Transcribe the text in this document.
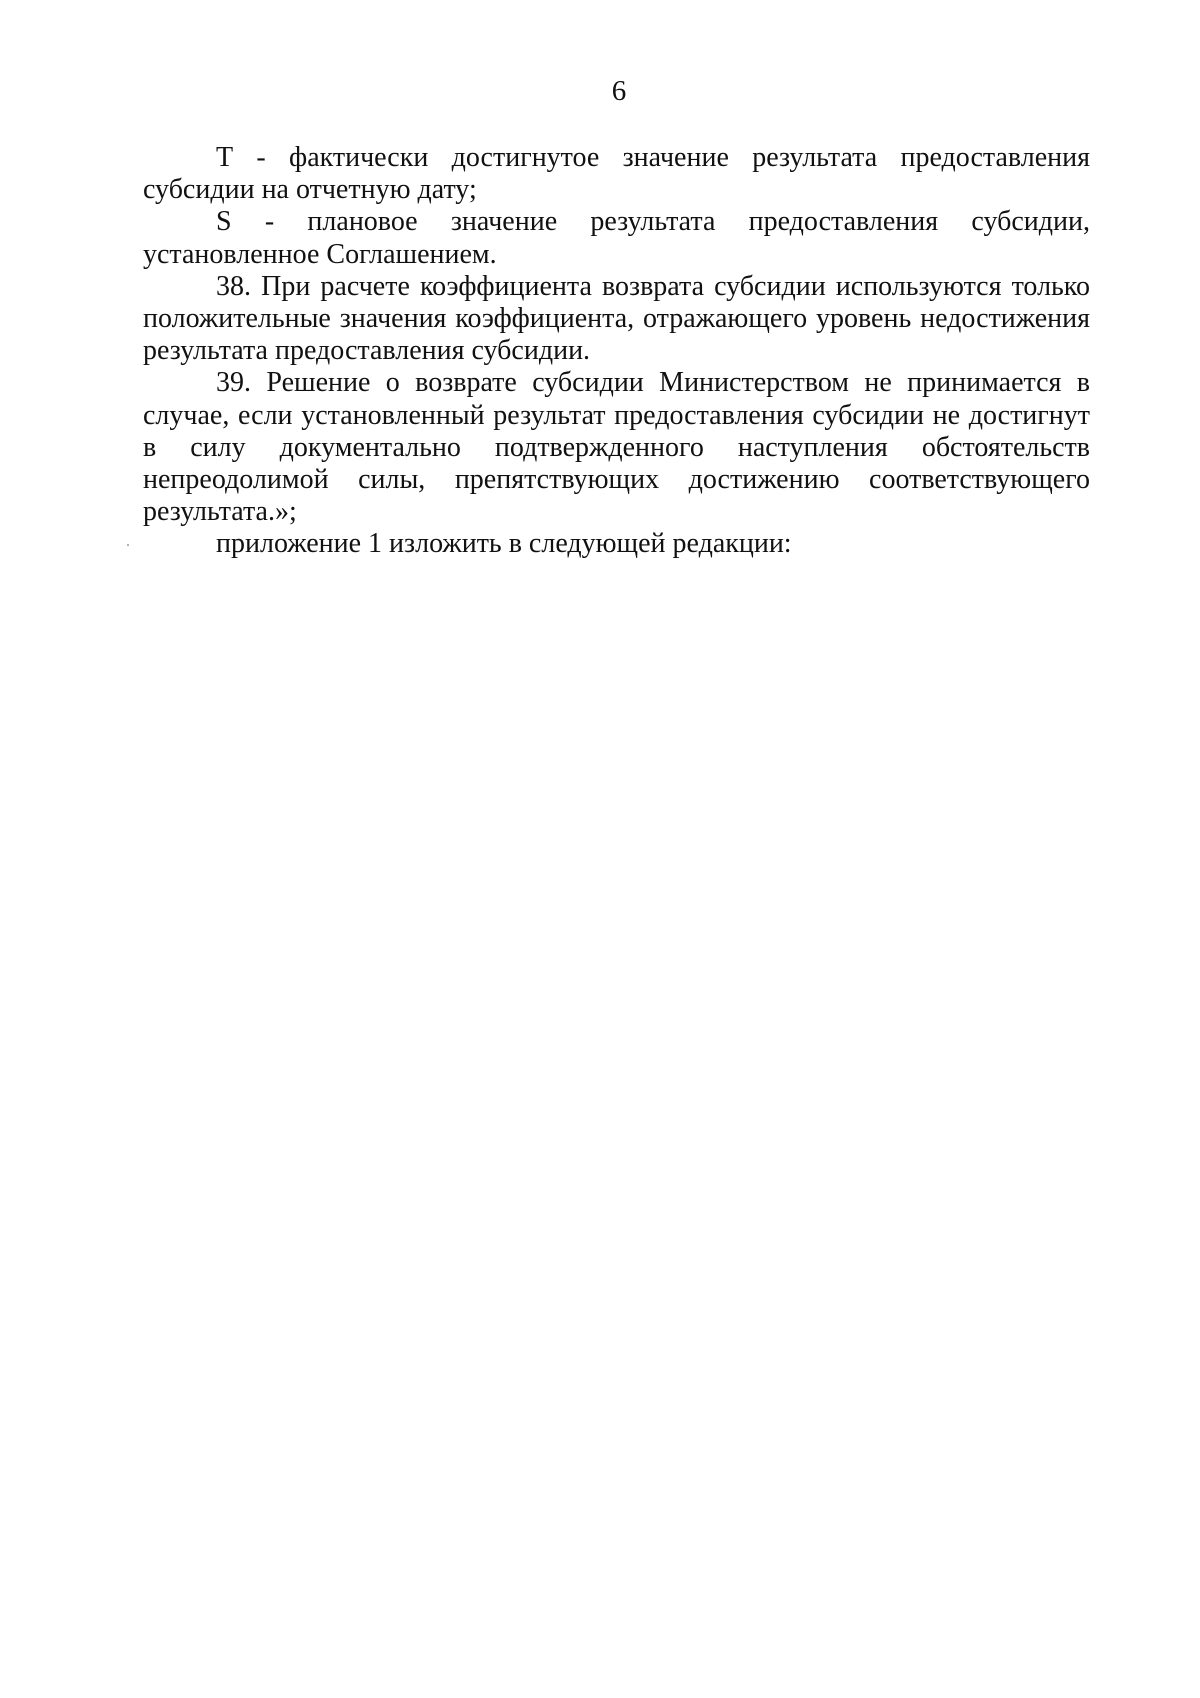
6

Т - фактически достигнутое значение результата предоставления субсидии на отчетную дату;

S - плановое значение результата предоставления субсидии, установленное Соглашением.

38. При расчете коэффициента возврата субсидии используются только положительные значения коэффициента, отражающего уровень недостижения результата предоставления субсидии.

39. Решение о возврате субсидии Министерством не принимается в случае, если установленный результат предоставления субсидии не достигнут в силу документально подтвержденного наступления обстоятельств непреодолимой силы, препятствующих достижению соответствующего результата.»;

приложение 1 изложить в следующей редакции:
